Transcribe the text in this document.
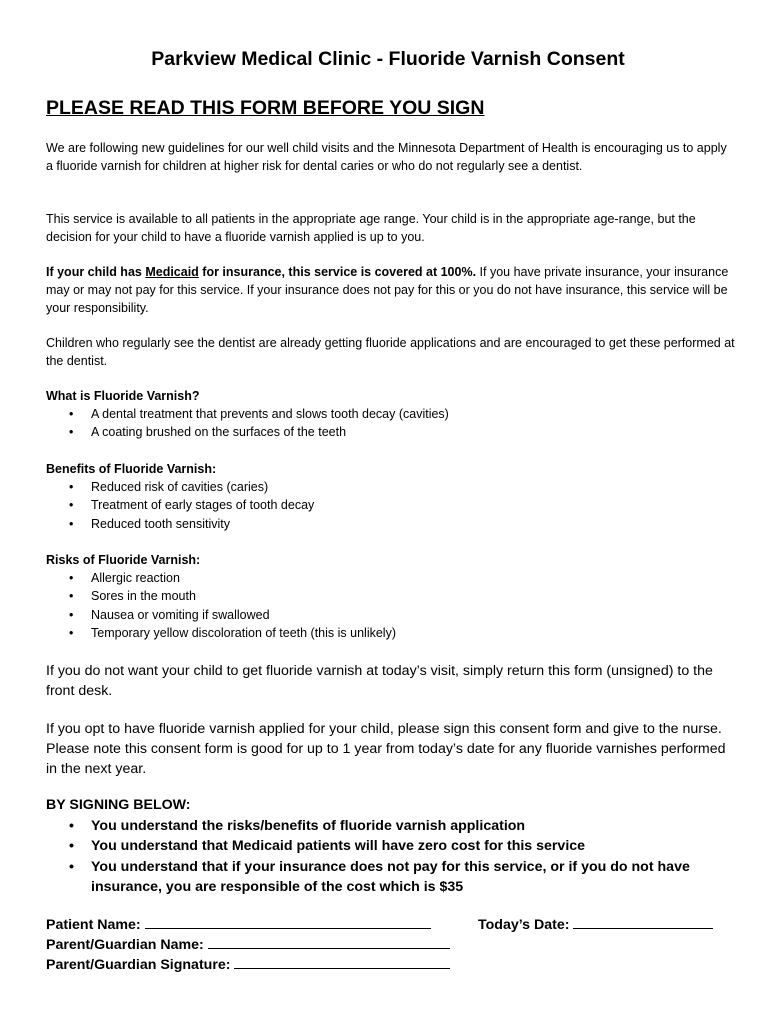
Parkview Medical Clinic - Fluoride Varnish Consent
PLEASE READ THIS FORM BEFORE YOU SIGN

We are following new guidelines for our well child visits and the Minnesota Department of Health is encouraging us to apply a fluoride varnish for children at higher risk for dental caries or who do not regularly see a dentist.

This service is available to all patients in the appropriate age range. Your child is in the appropriate age-range, but the decision for your child to have a fluoride varnish applied is up to you.

If your child has Medicaid for insurance, this service is covered at 100%. If you have private insurance, your insurance may or may not pay for this service. If your insurance does not pay for this or you do not have insurance, this service will be your responsibility.

Children who regularly see the dentist are already getting fluoride applications and are encouraged to get these performed at the dentist.

What is Fluoride Varnish?

• A dental treatment that prevents and slows tooth decay (cavities)
• A coating brushed on the surfaces of the teeth

Benefits of Fluoride Varnish:

• Reduced risk of cavities (caries)
• Treatment of early stages of tooth decay
• Reduced tooth sensitivity

Risks of Fluoride Varnish:

• Allergic reaction
• Sores in the mouth
• Nausea or vomiting if swallowed
• Temporary yellow discoloration of teeth (this is unlikely)

If you do not want your child to get fluoride varnish at today’s visit, simply return this form (unsigned) to the front desk.

If you opt to have fluoride varnish applied for your child, please sign this consent form and give to the nurse. Please note this consent form is good for up to 1 year from today’s date for any fluoride varnishes performed in the next year.

BY SIGNING BELOW:

• You understand the risks/benefits of fluoride varnish application
• You understand that Medicaid patients will have zero cost for this service
• You understand that if your insurance does not pay for this service, or if you do not have insurance, you are responsible of the cost which is $35

Patient Name:	Today’s Date:

Parent/Guardian Name:

Parent/Guardian Signature:
